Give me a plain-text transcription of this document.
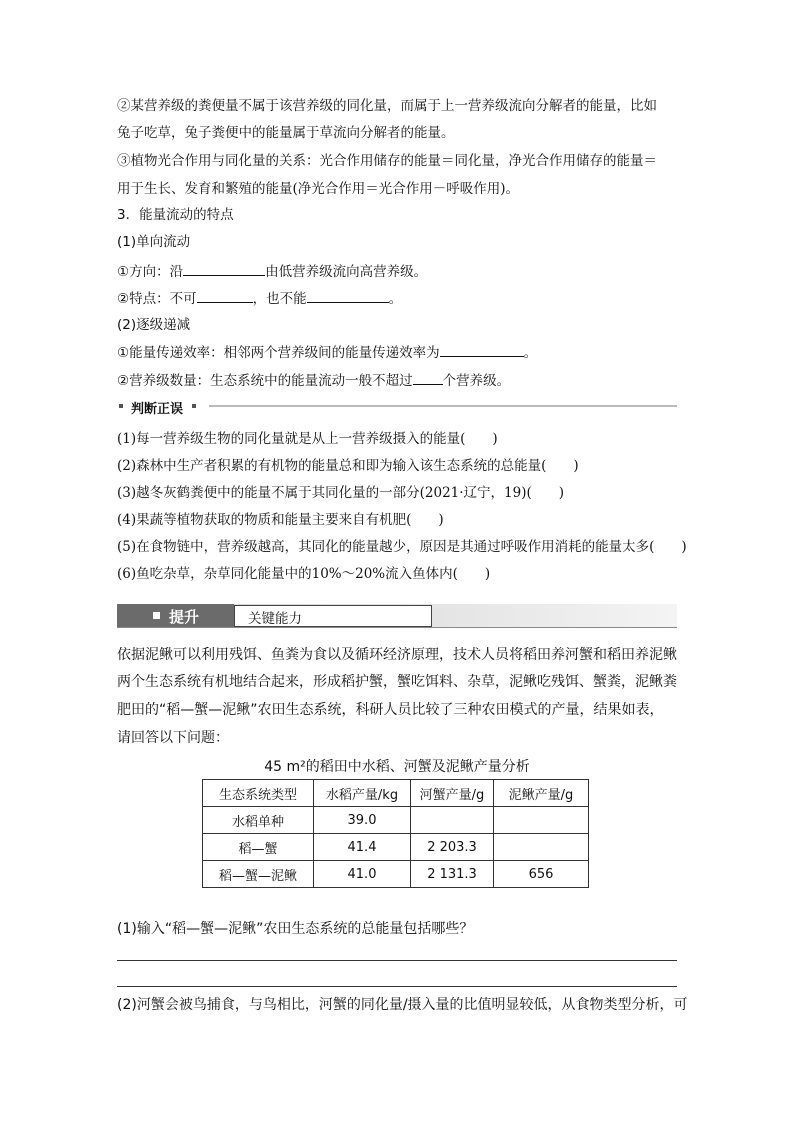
②某营养级的粪便量不属于该营养级的同化量，而属于上一营养级流向分解者的能量，比如
兔子吃草，兔子粪便中的能量属于草流向分解者的能量。
③植物光合作用与同化量的关系：光合作用储存的能量＝同化量，净光合作用储存的能量＝
用于生长、发育和繁殖的能量(净光合作用＝光合作用－呼吸作用)。
3．能量流动的特点
(1)单向流动
①方向：沿	由低营养级流向高营养级。
②特点：不可	，也不能	。
(2)逐级递减
①能量传递效率：相邻两个营养级间的能量传递效率为	。
②营养级数量：生态系统中的能量流动一般不超过 个营养级。
判断正误
(1)每一营养级生物的同化量就是从上一营养级摄入的能量(　　)
(2)森林中生产者积累的有机物的能量总和即为输入该生态系统的总能量(　　)
(3)越冬灰鹤粪便中的能量不属于其同化量的一部分(2021·辽宁，19)(　　)
(4)果蔬等植物获取的物质和能量主要来自有机肥(　　)
(5)在食物链中，营养级越高，其同化的能量越少，原因是其通过呼吸作用消耗的能量太多(　　)
(6)鱼吃杂草，杂草同化能量中的10%～20%流入鱼体内(　　)
提升	关键能力
依据泥鳅可以利用残饵、鱼粪为食以及循环经济原理，技术人员将稻田养河蟹和稻田养泥鳅
两个生态系统有机地结合起来，形成稻护蟹，蟹吃饵料、杂草，泥鳅吃残饵、蟹粪，泥鳅粪
肥田的“稻—蟹—泥鳅”农田生态系统，科研人员比较了三种农田模式的产量，结果如表，
请回答以下问题：
45 m²的稻田中水稻、河蟹及泥鳅产量分析
生态系统类型	水稻产量/kg	河蟹产量/g	泥鳅产量/g
水稻单种	39.0		
稻—蟹	41.4	2 203.3	
稻—蟹—泥鳅	41.0	2 131.3	656
(1)输入“稻—蟹—泥鳅”农田生态系统的总能量包括哪些？
(2)河蟹会被鸟捕食，与鸟相比，河蟹的同化量/摄入量的比值明显较低，从食物类型分析，可
